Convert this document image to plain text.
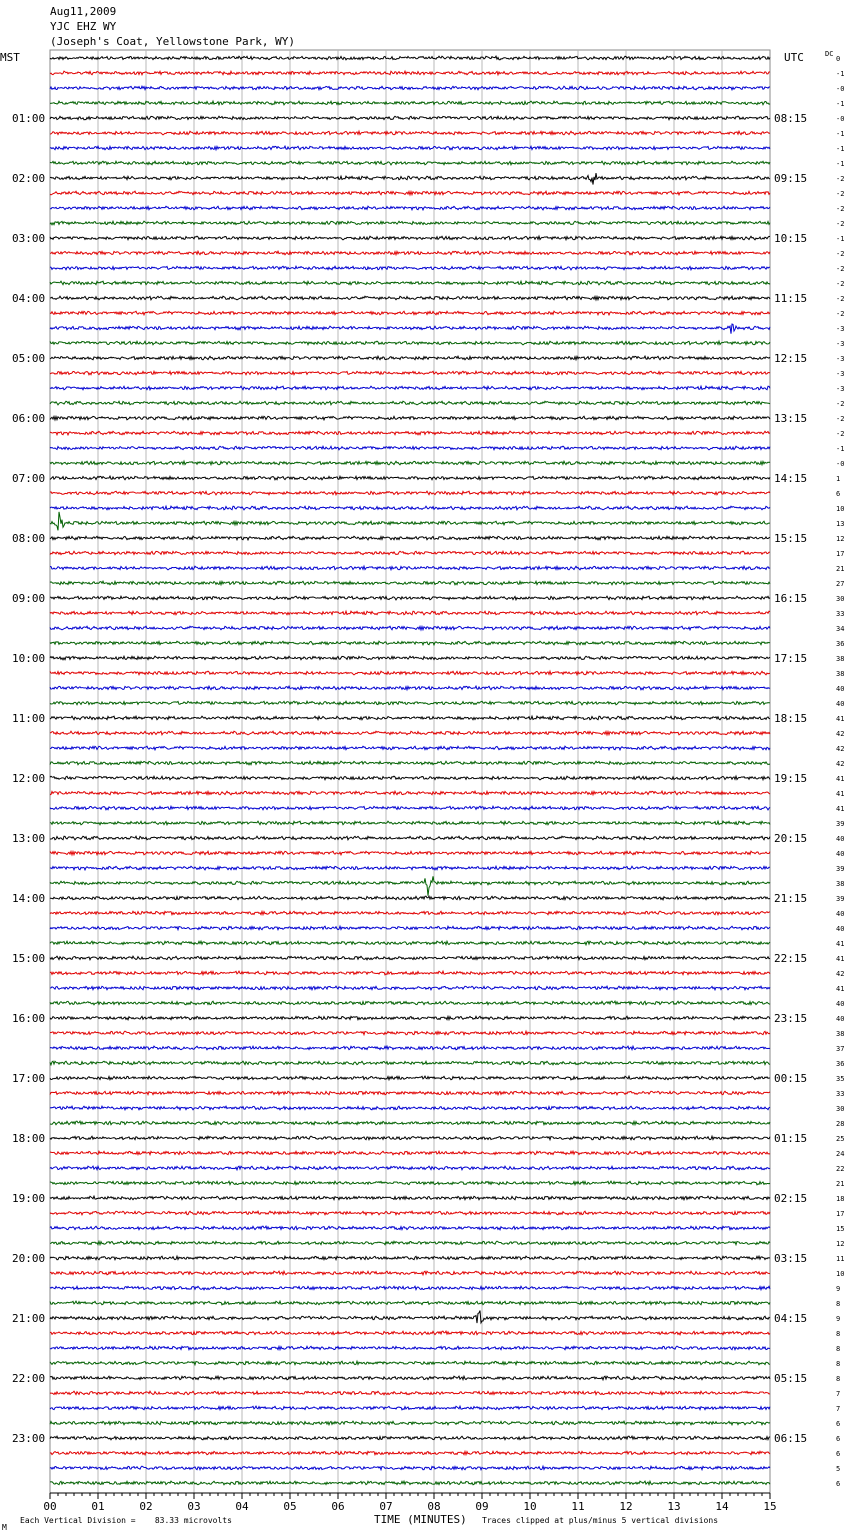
Aug11,2009
YJC EHZ WY
(Joseph's Coat, Yellowstone Park, WY)
MST	UTC	DC
01:00
02:00
03:00
04:00
05:00
06:00
07:00
08:00
09:00
10:00
11:00
12:00
13:00
14:00
15:00
16:00
17:00
18:00
19:00
20:00
21:00
22:00
23:00
08:15
09:15
10:15
11:15
12:15
13:15
14:15
15:15
16:15
17:15
18:15
19:15
20:15
21:15
22:15
23:15
00:15
01:15
02:15
03:15
04:15
05:15
06:15
0
-1
-0
-1
-0
-1
-1
-1
-2
-2
-2
-2
-1
-2
-2
-2
-2
-2
-3
-3
-3
-3
-3
-2
-2
-2
-1
-0
1
6
10
13
12
17
21
27
30
33
34
36
38
38
40
40
41
42
42
42
41
41
41
39
40
40
39
38
39
40
40
41
41
42
41
40
40
38
37
36
35
33
30
28
25
24
22
21
18
17
15
12
11
10
9
8
9
8
8
8
8
7
7
6
6
6
5
6
00	01	02	03	04	05	06	07	08	09	10	11	12	13	14	15
TIME (MINUTES)
M
Each Vertical Division =    83.33 microvolts	Traces clipped at plus/minus 5 vertical divisions
